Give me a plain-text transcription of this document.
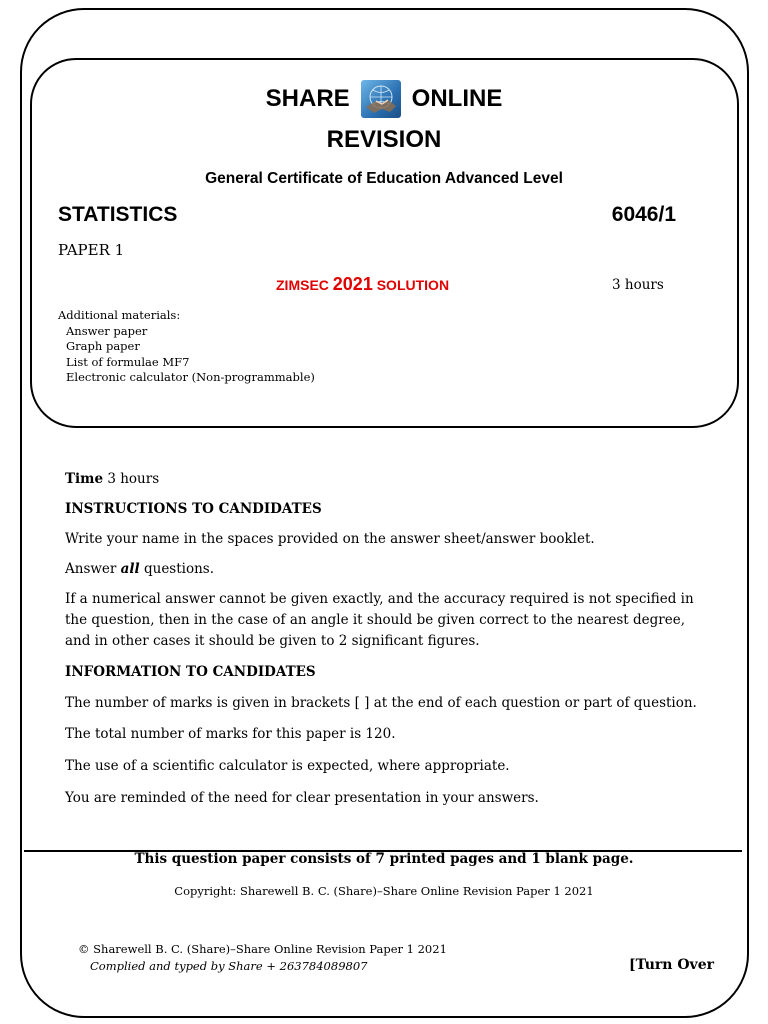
SHARE	ONLINE
REVISION
General Certificate of Education Advanced Level
STATISTICS	6046/1
PAPER 1
ZIMSEC 2021 SOLUTION	3 hours
Additional materials:
Answer paper
Graph paper
List of formulae MF7
Electronic calculator (Non-programmable)
Time 3 hours
INSTRUCTIONS TO CANDIDATES
Write your name in the spaces provided on the answer sheet/answer booklet.
Answer all questions.
If a numerical answer cannot be given exactly, and the accuracy required is not specified in the question, then in the case of an angle it should be given correct to the nearest degree, and in other cases it should be given to 2 significant figures.
INFORMATION TO CANDIDATES
The number of marks is given in brackets [ ] at the end of each question or part of question.
The total number of marks for this paper is 120.
The use of a scientific calculator is expected, where appropriate.
You are reminded of the need for clear presentation in your answers.
This question paper consists of 7 printed pages and 1 blank page.
Copyright: Sharewell B. C. (Share)–Share Online Revision Paper 1 2021
© Sharewell B. C. (Share)–Share Online Revision Paper 1 2021
Complied and typed by Share + 263784089807	[Turn Over
